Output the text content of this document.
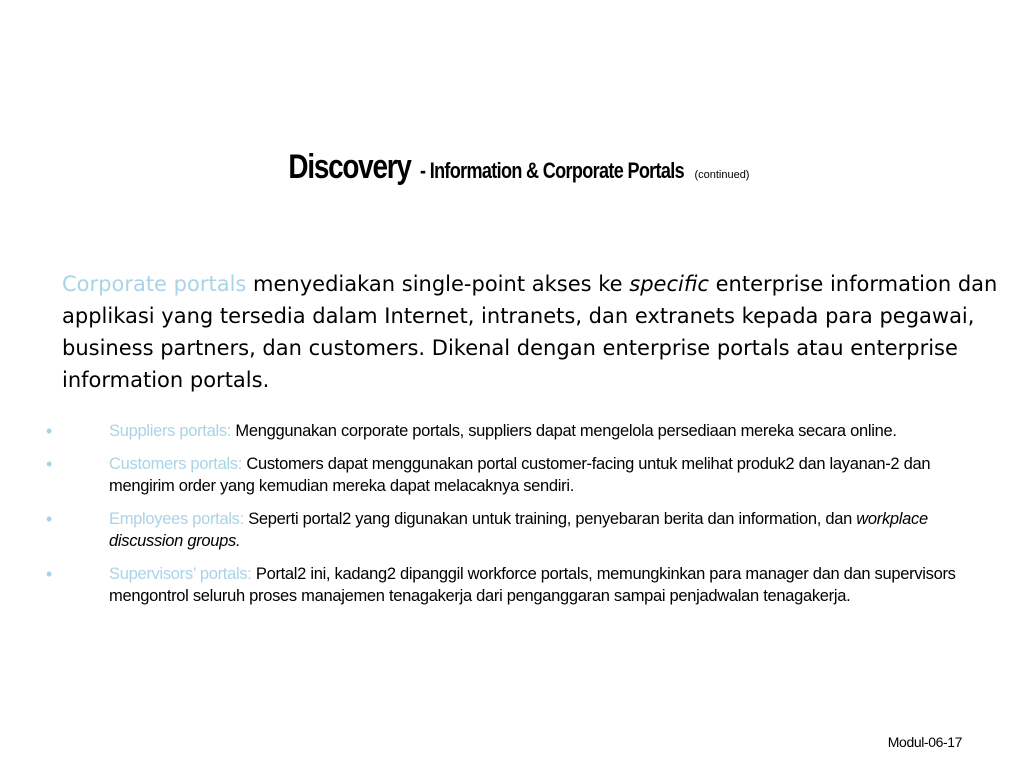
Discovery - Information & Corporate Portals (continued)
Corporate portals menyediakan single-point akses ke specific enterprise information dan applikasi yang tersedia dalam Internet, intranets, dan extranets kepada para pegawai, business partners, dan customers. Dikenal dengan enterprise portals atau enterprise information portals.
•	Suppliers portals: Menggunakan corporate portals, suppliers dapat mengelola persediaan mereka secara online.
•	Customers portals: Customers dapat menggunakan portal customer-facing untuk melihat produk2 dan layanan-2 dan mengirim order yang kemudian mereka dapat melacaknya sendiri.
•	Employees portals: Seperti portal2 yang digunakan untuk training, penyebaran berita dan information, dan workplace discussion groups.
•	Supervisors’ portals: Portal2 ini, kadang2 dipanggil workforce portals, memungkinkan para manager dan dan supervisors mengontrol seluruh proses manajemen tenagakerja dari penganggaran sampai penjadwalan tenagakerja.
Modul-06-17
